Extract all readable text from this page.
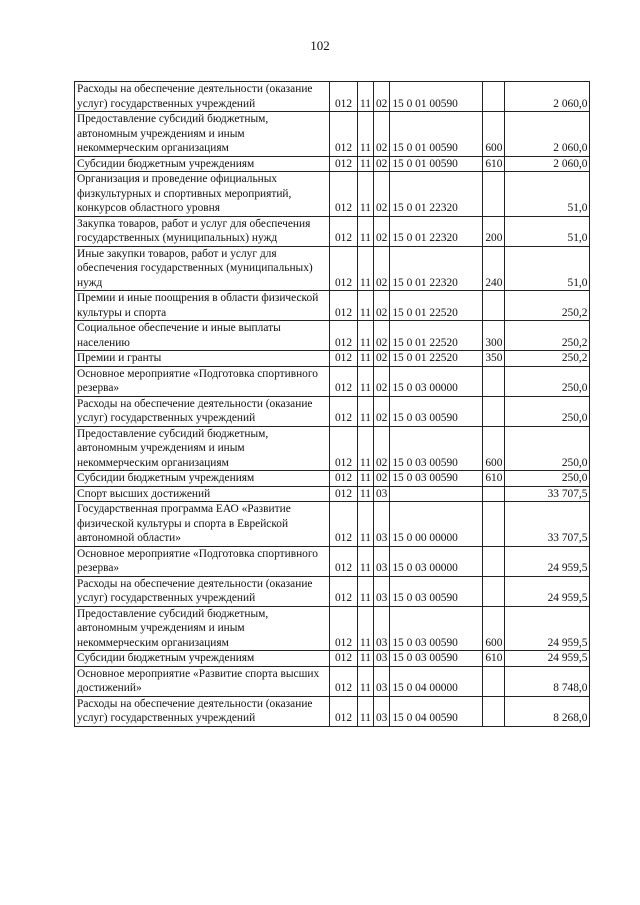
102
Расходы на обеспечение деятельности (оказание услуг) государственных учреждений	012	11	02	15 0 01 00590		2 060,0
Предоставление субсидий бюджетным, автономным учреждениям и иным некоммерческим организациям	012	11	02	15 0 01 00590	600	2 060,0
Субсидии бюджетным учреждениям	012	11	02	15 0 01 00590	610	2 060,0
Организация и проведение официальных физкультурных и спортивных мероприятий, конкурсов областного уровня	012	11	02	15 0 01 22320		51,0
Закупка товаров, работ и услуг для обеспечения государственных (муниципальных) нужд	012	11	02	15 0 01 22320	200	51,0
Иные закупки товаров, работ и услуг для обеспечения государственных (муниципальных) нужд	012	11	02	15 0 01 22320	240	51,0
Премии и иные поощрения в области физической культуры и спорта	012	11	02	15 0 01 22520		250,2
Социальное обеспечение и иные выплаты населению	012	11	02	15 0 01 22520	300	250,2
Премии и гранты	012	11	02	15 0 01 22520	350	250,2
Основное мероприятие «Подготовка спортивного резерва»	012	11	02	15 0 03 00000		250,0
Расходы на обеспечение деятельности (оказание услуг) государственных учреждений	012	11	02	15 0 03 00590		250,0
Предоставление субсидий бюджетным, автономным учреждениям и иным некоммерческим организациям	012	11	02	15 0 03 00590	600	250,0
Субсидии бюджетным учреждениям	012	11	02	15 0 03 00590	610	250,0
Спорт высших достижений	012	11	03			33 707,5
Государственная программа ЕАО «Развитие физической культуры и спорта в Еврейской автономной области»	012	11	03	15 0 00 00000		33 707,5
Основное мероприятие «Подготовка спортивного резерва»	012	11	03	15 0 03 00000		24 959,5
Расходы на обеспечение деятельности (оказание услуг) государственных учреждений	012	11	03	15 0 03 00590		24 959,5
Предоставление субсидий бюджетным, автономным учреждениям и иным некоммерческим организациям	012	11	03	15 0 03 00590	600	24 959,5
Субсидии бюджетным учреждениям	012	11	03	15 0 03 00590	610	24 959,5
Основное мероприятие «Развитие спорта высших достижений»	012	11	03	15 0 04 00000		8 748,0
Расходы на обеспечение деятельности (оказание услуг) государственных учреждений	012	11	03	15 0 04 00590		8 268,0
